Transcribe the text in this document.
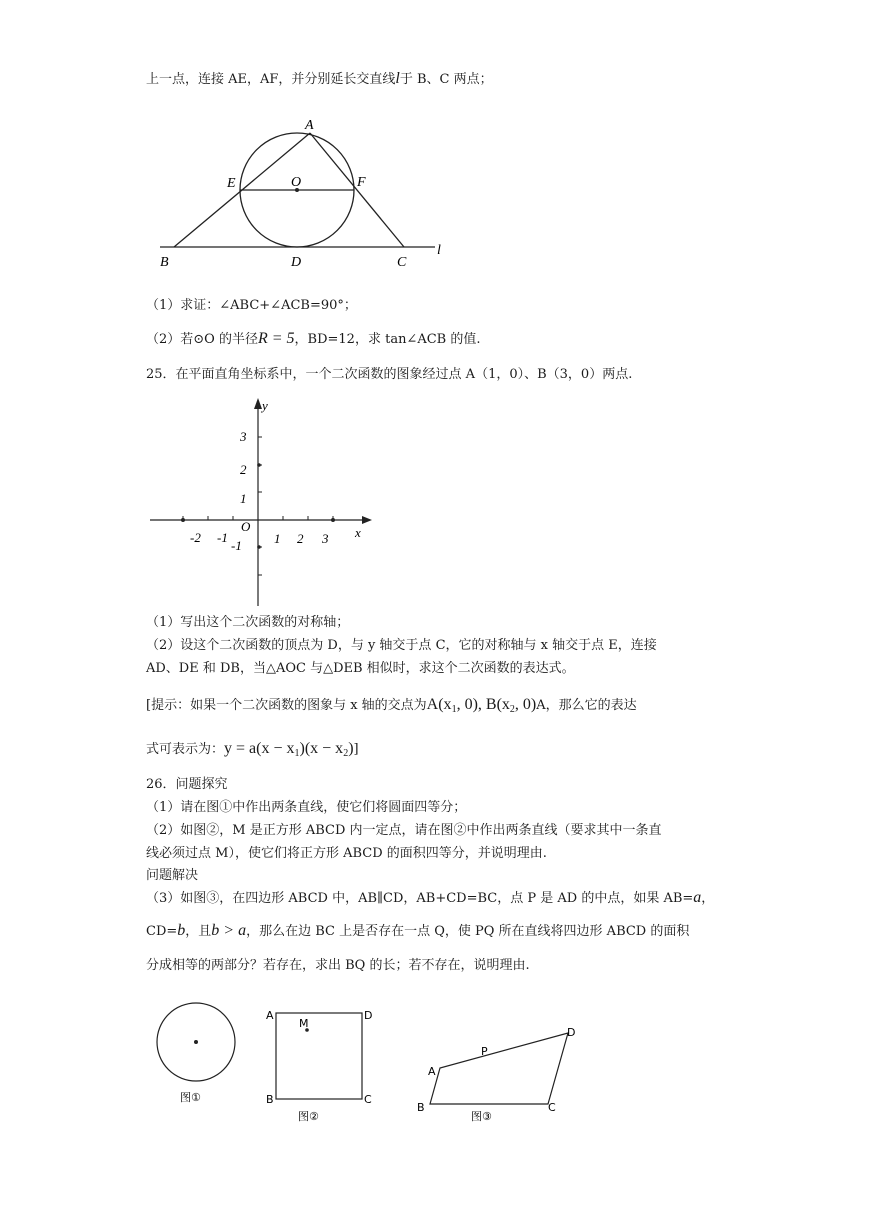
上一点，连接 AE，AF，并分别延长交直线l于 B、C 两点；
A
E	O	F
B	D	C
l
（1）求证：∠ABC+∠ACB=90°；
（2）若⊙O 的半径R = 5，BD=12，求 tan∠ACB 的值.
25．在平面直角坐标系中，一个二次函数的图象经过点 A（1，0）、B（3，0）两点.
y
x
O
3
2
1
-1
-2 -1	1 2 3
（1）写出这个二次函数的对称轴；
（2）设这个二次函数的顶点为 D，与 y 轴交于点 C，它的对称轴与 x 轴交于点 E，连接
AD、DE 和 DB，当△AOC 与△DEB 相似时，求这个二次函数的表达式。
[提示：如果一个二次函数的图象与 x 轴的交点为$A(x_1$, 0), $B(x_2$, 0)A，那么它的表达
式可表示为：$y = a(x - x_1)(x - x_2)$]
26．问题探究
（1）请在图①中作出两条直线，使它们将圆面四等分；
（2）如图②，M 是正方形 ABCD 内一定点，请在图②中作出两条直线（要求其中一条直
线必须过点 M），使它们将正方形 ABCD 的面积四等分，并说明理由.
问题解决
（3）如图③，在四边形 ABCD 中，AB∥CD，AB+CD=BC，点 P 是 AD 的中点，如果 AB=a，
CD=b，且b > a，那么在边 BC 上是否存在一点 Q，使 PQ 所在直线将四边形 ABCD 的面积
分成相等的两部分？若存在，求出 BQ 的长；若不存在，说明理由.
图①
A	D
B	C
M
图②
A
B	C
D
P
图③
